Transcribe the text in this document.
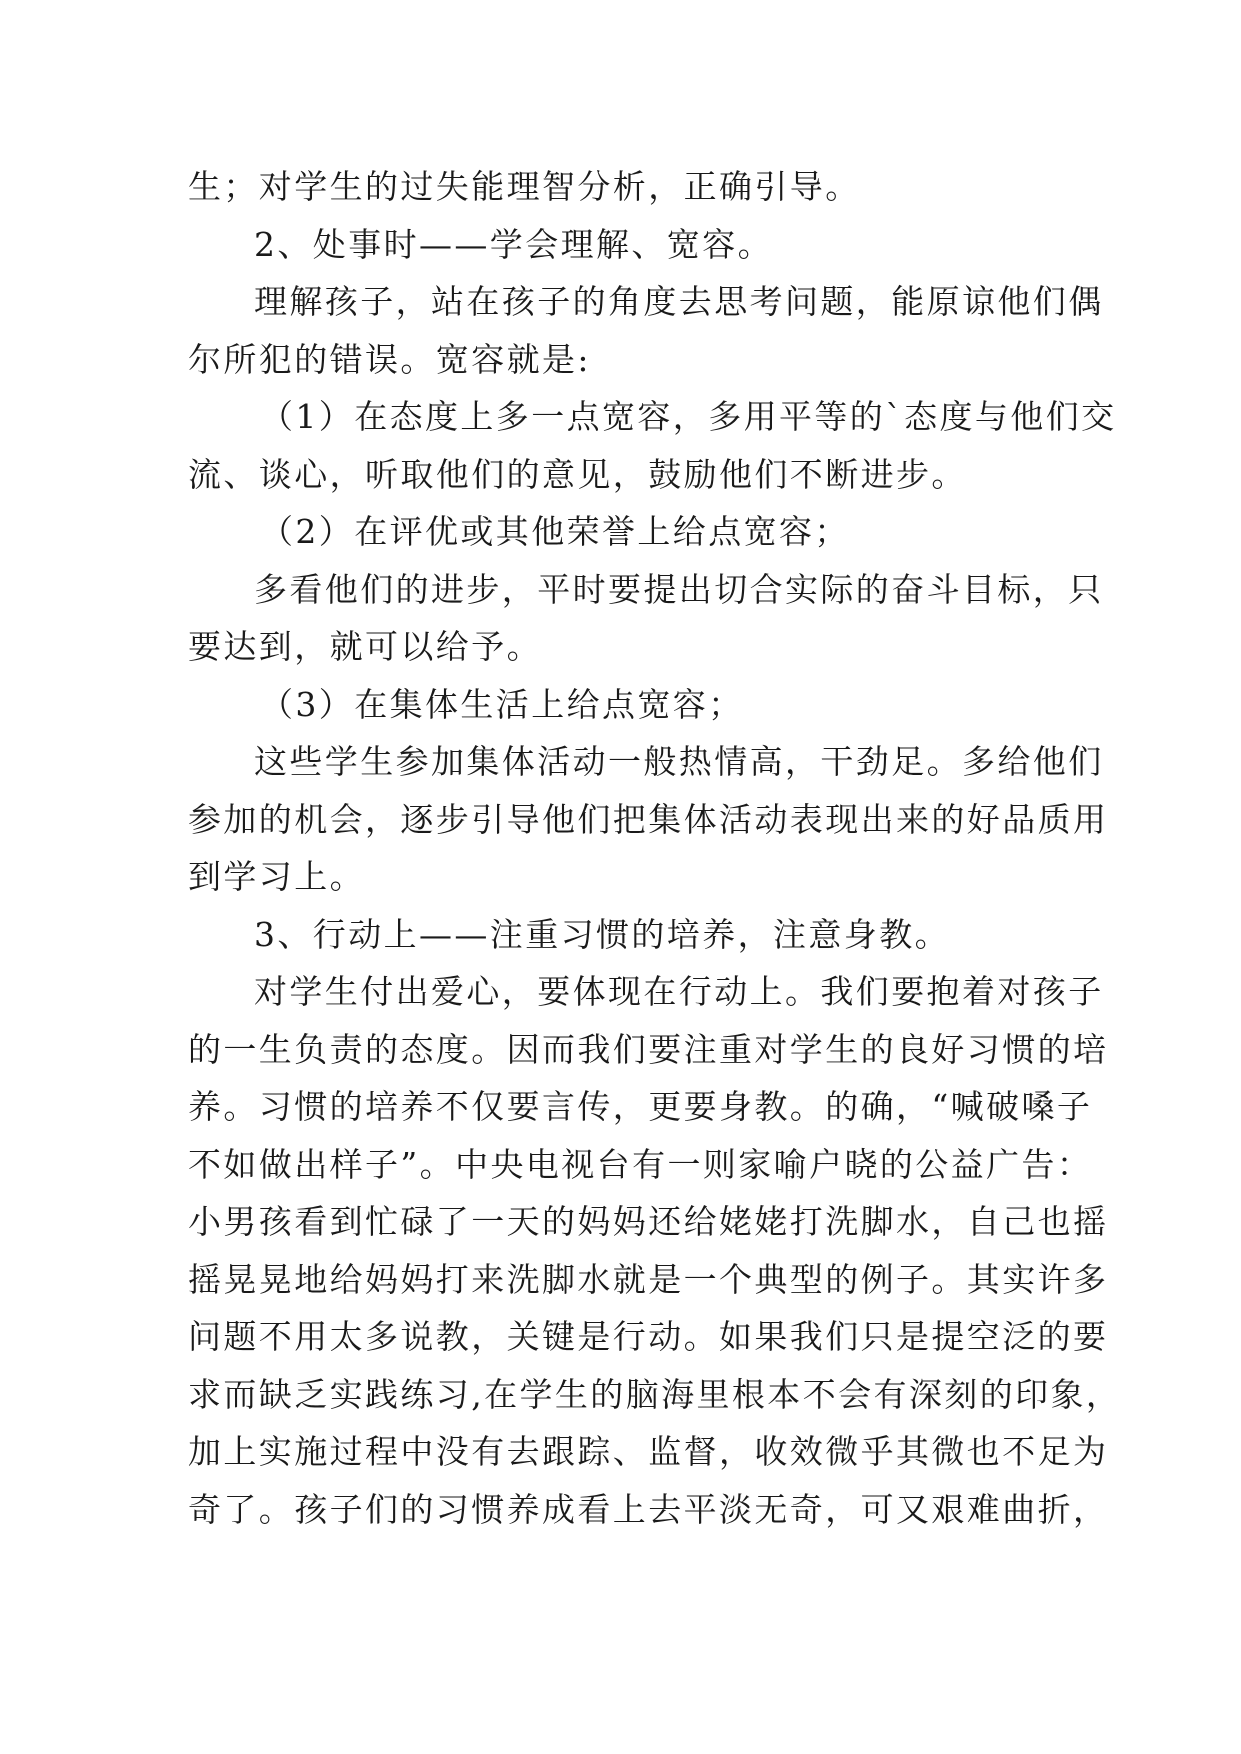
生；对学生的过失能理智分析，正确引导。
2、处事时——学会理解、宽容。
理解孩子，站在孩子的角度去思考问题，能原谅他们偶
尔所犯的错误。宽容就是:
（1）在态度上多一点宽容，多用平等的`态度与他们交
流、谈心，听取他们的意见，鼓励他们不断进步。
（2）在评优或其他荣誉上给点宽容；
多看他们的进步，平时要提出切合实际的奋斗目标，只
要达到，就可以给予。
（3）在集体生活上给点宽容；
这些学生参加集体活动一般热情高，干劲足。多给他们
参加的机会，逐步引导他们把集体活动表现出来的好品质用
到学习上。
3、行动上——注重习惯的培养，注意身教。
对学生付出爱心，要体现在行动上。我们要抱着对孩子
的一生负责的态度。因而我们要注重对学生的良好习惯的培
养。习惯的培养不仅要言传，更要身教。的确，“喊破嗓子
不如做出样子”。中央电视台有一则家喻户晓的公益广告：
小男孩看到忙碌了一天的妈妈还给姥姥打洗脚水，自己也摇
摇晃晃地给妈妈打来洗脚水就是一个典型的例子。其实许多
问题不用太多说教，关键是行动。如果我们只是提空泛的要
求而缺乏实践练习,在学生的脑海里根本不会有深刻的印象，
加上实施过程中没有去跟踪、监督，收效微乎其微也不足为
奇了。孩子们的习惯养成看上去平淡无奇，可又艰难曲折，
